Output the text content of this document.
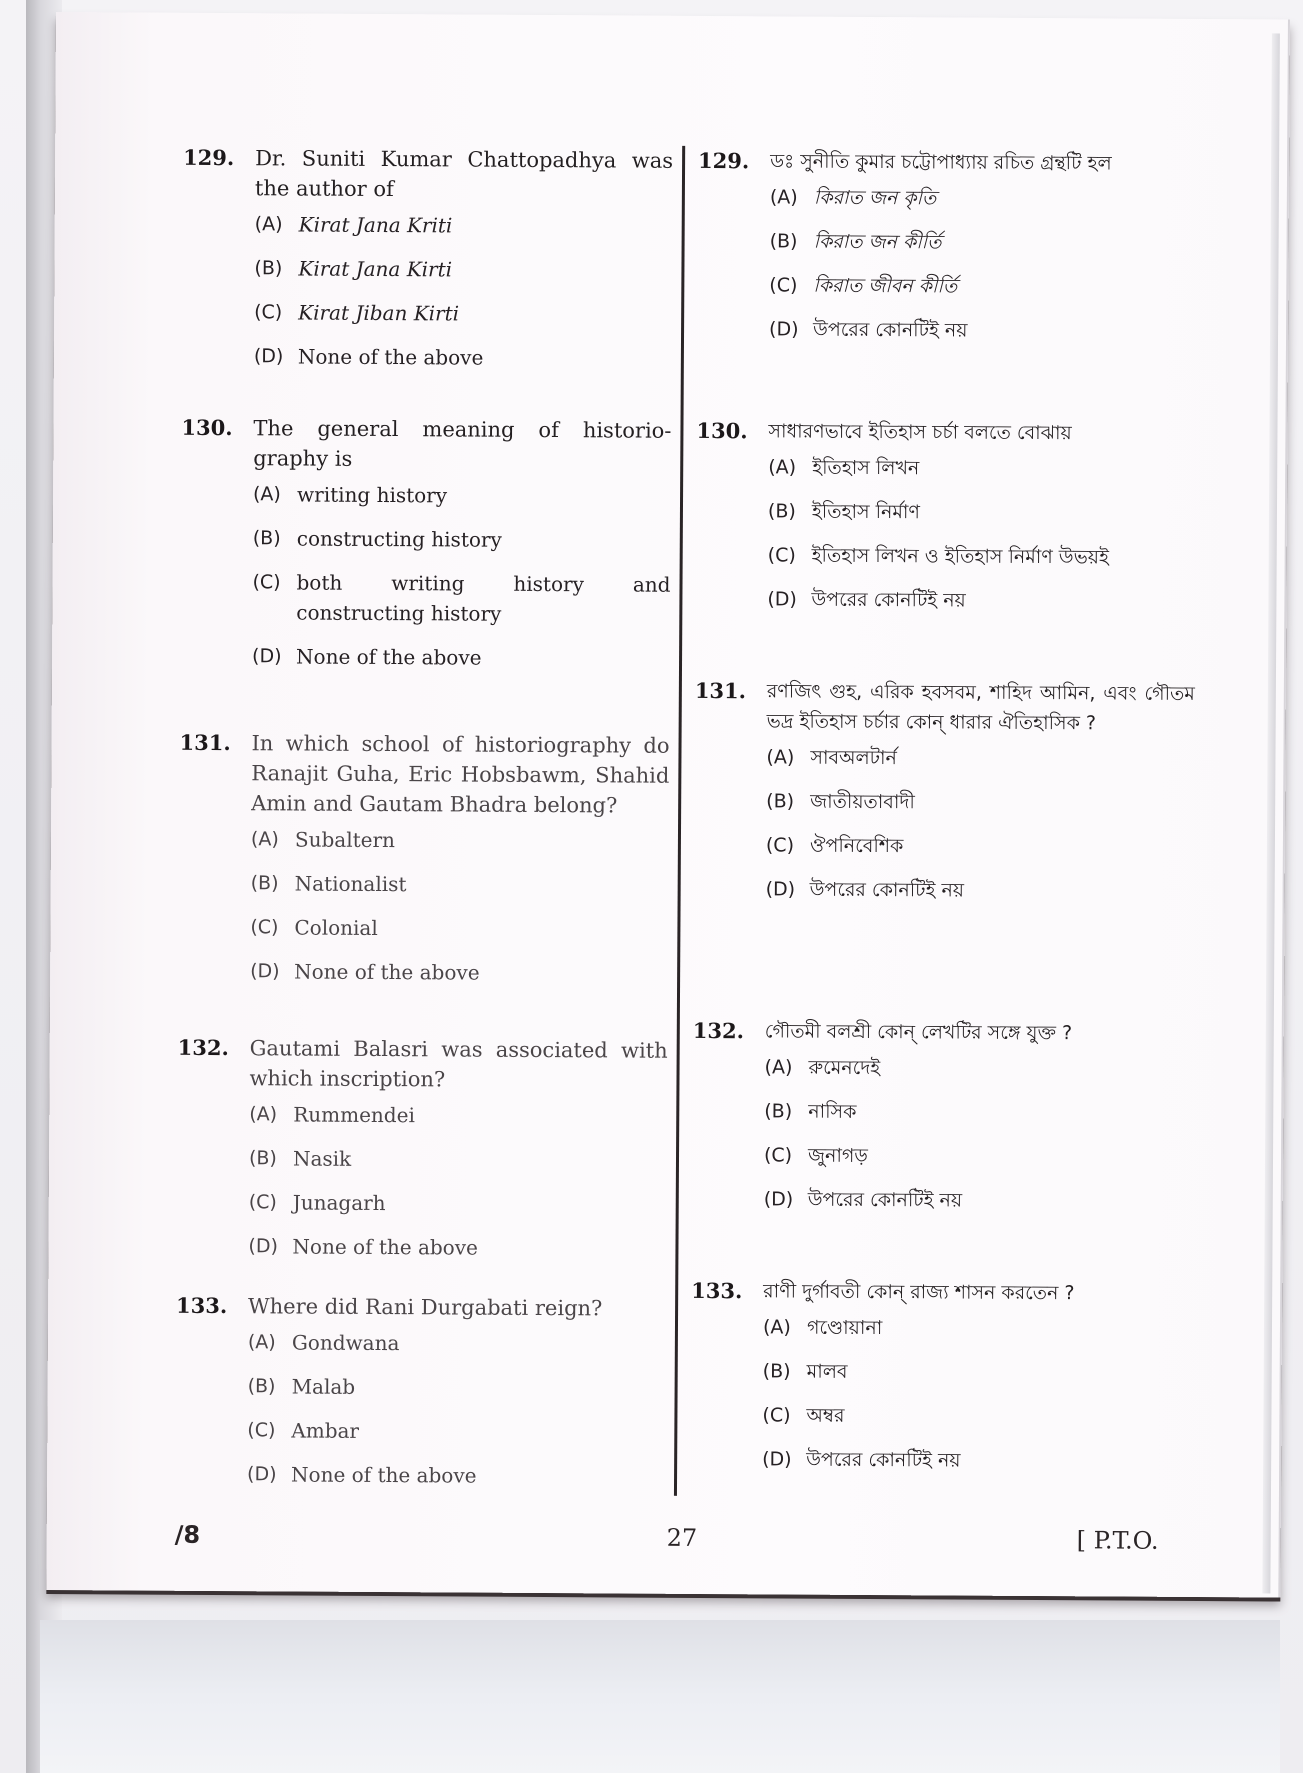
129. Dr. Suniti Kumar Chattopadhya was the author of
(A) Kirat Jana Kriti
(B) Kirat Jana Kirti
(C) Kirat Jiban Kirti
(D) None of the above
130. The general meaning of historio-graphy is
(A) writing history
(B) constructing history
(C) both writing history and constructing history
(D) None of the above
131. In which school of historiography do Ranajit Guha, Eric Hobsbawm, Shahid Amin and Gautam Bhadra belong?
(A) Subaltern
(B) Nationalist
(C) Colonial
(D) None of the above
132. Gautami Balasri was associated with which inscription?
(A) Rummendei
(B) Nasik
(C) Junagarh
(D) None of the above
133. Where did Rani Durgabati reign?
(A) Gondwana
(B) Malab
(C) Ambar
(D) None of the above
129.	ডঃ সুনীতি কুমার চট্টোপাধ্যায় রচিত গ্রন্থটি হল
(A) কিরাত জন কৃতি
(B) কিরাত জন কীর্তি
(C) কিরাত জীবন কীর্তি
(D) উপরের কোনটিই নয়
130.	সাধারণভাবে ইতিহাস চর্চা বলতে বোঝায়
(A) ইতিহাস লিখন
(B) ইতিহাস নির্মাণ
(C) ইতিহাস লিখন ও ইতিহাস নির্মাণ উভয়ই
(D) উপরের কোনটিই নয়
131.	রণজিৎ গুহ, এরিক হবসবম, শাহিদ আমিন, এবং গৌতম ভদ্র ইতিহাস চর্চার কোন্ ধারার ঐতিহাসিক ?
(A) সাবঅলটার্ন
(B) জাতীয়তাবাদী
(C) ঔপনিবেশিক
(D) উপরের কোনটিই নয়
132.	গৌতমী বলশ্রী কোন্ লেখটির সঙ্গে যুক্ত ?
(A) রুমেনদেই
(B) নাসিক
(C) জুনাগড়
(D) উপরের কোনটিই নয়
133.	রাণী দুর্গাবতী কোন্ রাজ্য শাসন করতেন ?
(A) গণ্ডোয়ানা
(B) মালব
(C) অম্বর
(D) উপরের কোনটিই নয়
/8	27	[ P.T.O.
